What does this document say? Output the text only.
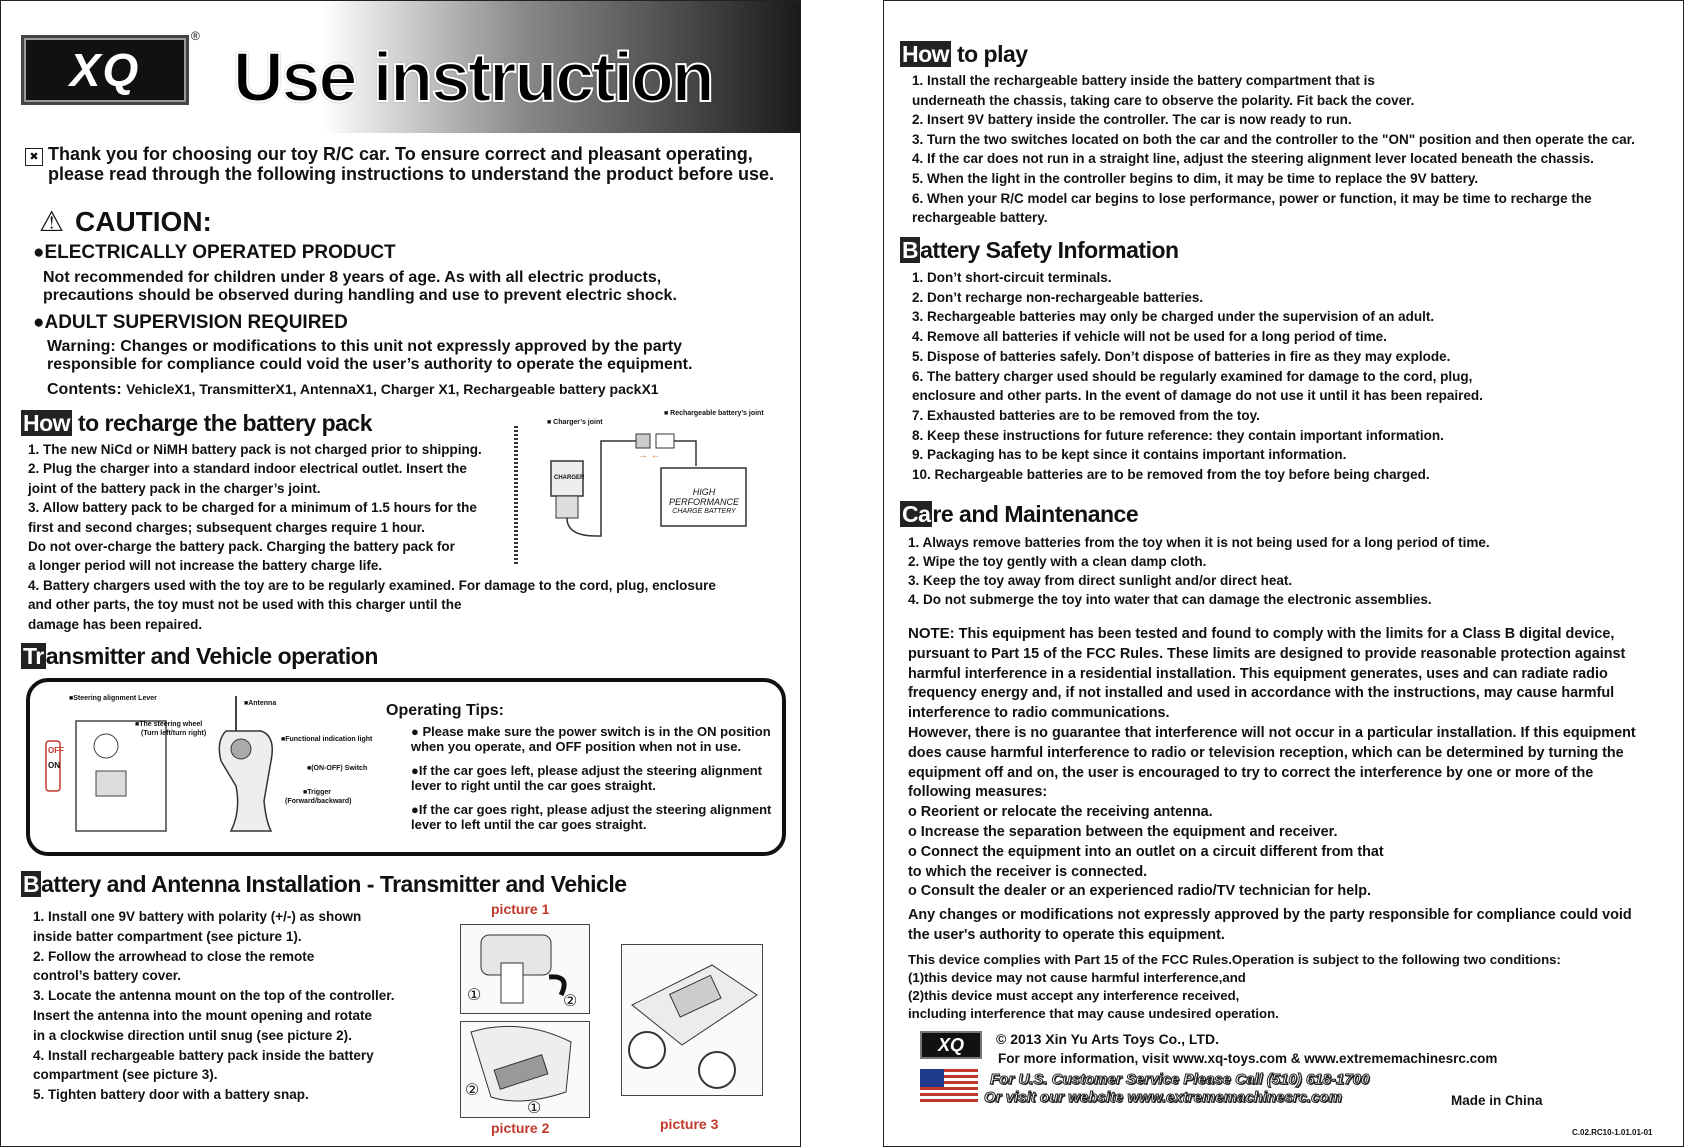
XQ
®
Use instruction
✖ Thank you for choosing our toy R/C car. To ensure correct and pleasant operating,
please read through the following instructions to understand the product before use.
⚠ CAUTION:
●ELECTRICALLY OPERATED PRODUCT
Not recommended for children under 8 years of age. As with all electric products,
precautions should be observed during handling and use to prevent electric shock.
●ADULT SUPERVISION REQUIRED
Warning: Changes or modifications to this unit not expressly approved by the party
responsible for compliance could void the user’s authority to operate the equipment.
Contents: VehicleX1, TransmitterX1, AntennaX1, Charger X1, Rechargeable battery packX1
How to recharge the battery pack
1. The new NiCd or NiMH battery pack is not charged prior to shipping.
2. Plug the charger into a standard indoor electrical outlet. Insert the
joint of the battery pack in the charger’s joint.
3. Allow battery pack to be charged for a minimum of 1.5 hours for the
first and second charges; subsequent charges require 1 hour.
Do not over-charge the battery pack. Charging the battery pack for
a longer period will not increase the battery charge life.
4. Battery chargers used with the toy are to be regularly examined. For damage to the cord, plug, enclosure
and other parts, the toy must not be used with this charger until the
damage has been repaired.
→ ←
■ Charger’s joint
■ Rechargeable battery’s joint
CHARGER
HIGH
PERFORMANCE
CHARGE BATTERY
Transmitter and Vehicle operation
■Steering alignment Lever
■The steering wheel
(Turn left/turn right)
■Antenna
■Functional indication light
■(ON-OFF) Switch
■Trigger
(Forward/backward)
ON
OFF
Operating Tips:
● Please make sure the power switch is in the ON position
when you operate, and OFF position when not in use.
●If the car goes left, please adjust the steering alignment
lever to right until the car goes straight.
●If the car goes right, please adjust the steering alignment
lever to left until the car goes straight.
Battery and Antenna Installation - Transmitter and Vehicle
1. Install one 9V battery with polarity (+/-) as shown
inside batter compartment (see picture 1).
2. Follow the arrowhead to close the remote
control’s battery cover.
3. Locate the antenna mount on the top of the controller.
Insert the antenna into the mount opening and rotate
in a clockwise direction until snug (see picture 2).
4. Install rechargeable battery pack inside the battery
compartment (see picture 3).
5. Tighten battery door with a battery snap.
picture 1
①	②
②
①
picture 2	picture 3
How to play
1. Install the rechargeable battery inside the battery compartment that is
underneath the chassis, taking care to observe the polarity. Fit back the cover.
2. Insert 9V battery inside the controller. The car is now ready to run.
3. Turn the two switches located on both the car and the controller to the "ON" position and then operate the car.
4. If the car does not run in a straight line, adjust the steering alignment lever located beneath the chassis.
5. When the light in the controller begins to dim, it may be time to replace the 9V battery.
6. When your R/C model car begins to lose performance, power or function, it may be time to recharge the
rechargeable battery.
Battery Safety Information
1. Don’t short-circuit terminals.
2. Don’t recharge non-rechargeable batteries.
3. Rechargeable batteries may only be charged under the supervision of an adult.
4. Remove all batteries if vehicle will not be used for a long period of time.
5. Dispose of batteries safely. Don’t dispose of batteries in fire as they may explode.
6. The battery charger used should be regularly examined for damage to the cord, plug,
enclosure and other parts. In the event of damage do not use it until it has been repaired.
7. Exhausted batteries are to be removed from the toy.
8. Keep these instructions for future reference: they contain important information.
9. Packaging has to be kept since it contains important information.
10. Rechargeable batteries are to be removed from the toy before being charged.
Care and Maintenance
1. Always remove batteries from the toy when it is not being used for a long period of time.
2. Wipe the toy gently with a clean damp cloth.
3. Keep the toy away from direct sunlight and/or direct heat.
4. Do not submerge the toy into water that can damage the electronic assemblies.
NOTE: This equipment has been tested and found to comply with the limits for a Class B digital device,
pursuant to Part 15 of the FCC Rules. These limits are designed to provide reasonable protection against
harmful interference in a residential installation. This equipment generates, uses and can radiate radio
frequency energy and, if not installed and used in accordance with the instructions, may cause harmful
interference to radio communications.
However, there is no guarantee that interference will not occur in a particular installation. If this equipment
does cause harmful interference to radio or television reception, which can be determined by turning the
equipment off and on, the user is encouraged to try to correct the interference by one or more of the
following measures:
o Reorient or relocate the receiving antenna.
o Increase the separation between the equipment and receiver.
o Connect the equipment into an outlet on a circuit different from that
to which the receiver is connected.
o Consult the dealer or an experienced radio/TV technician for help.
Any changes or modifications not expressly approved by the party responsible for compliance could void
the user's authority to operate this equipment.
This device complies with Part 15 of the FCC Rules.Operation is subject to the following two conditions:
(1)this device may not cause harmful interference,and
(2)this device must accept any interference received,
including interference that may cause undesired operation.
XQ	© 2013 Xin Yu Arts Toys Co., LTD.
For more information, visit www.xq-toys.com & www.extrememachinesrc.com
For U.S. Customer Service Please Call (510) 618-1700
Or visit our website www.extrememachinesrc.com	Made in China
C.02.RC10-1.01.01-01
